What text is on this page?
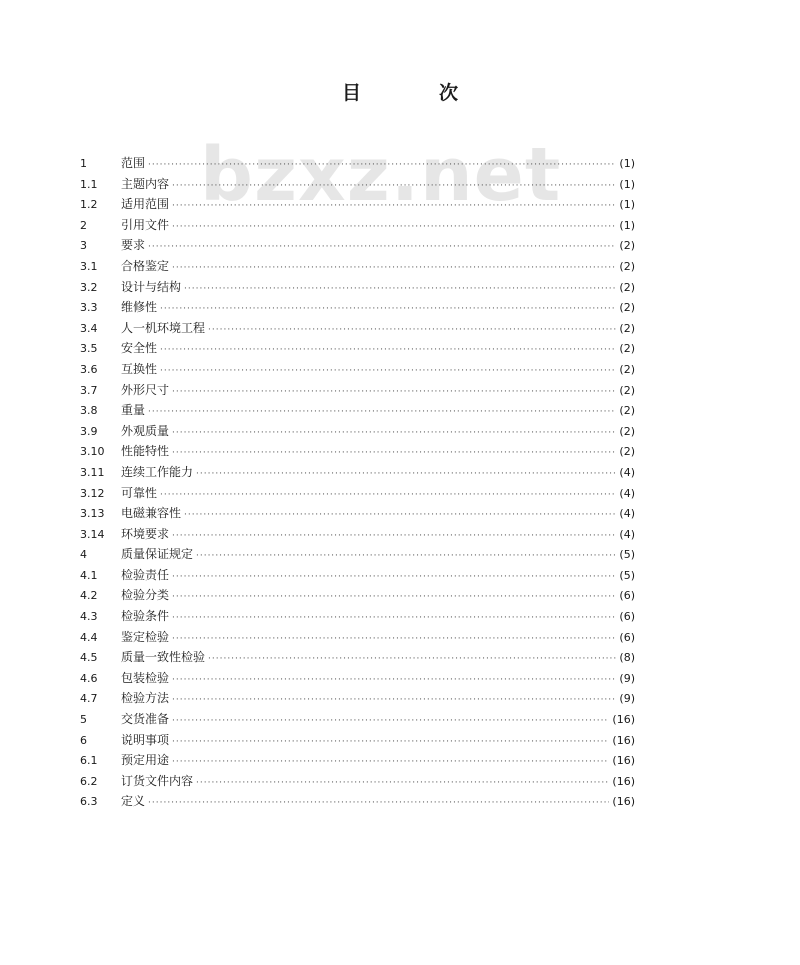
目	次
bzxz.net
1	范围 ·····	(1)
1.1	主题内容 ·····	(1)
1.2	适用范围 ·····	(1)
2	引用文件 ·····	(1)
3	要求 ·····	(2)
3.1	合格鉴定 ·····	(2)
3.2	设计与结构 ·····	(2)
3.3	维修性 ·····	(2)
3.4	人一机环境工程 ·····	(2)
3.5	安全性 ·····	(2)
3.6	互换性 ·····	(2)
3.7	外形尺寸 ·····	(2)
3.8	重量 ·····	(2)
3.9	外观质量 ·····	(2)
3.10	性能特性 ·····	(2)
3.11	连续工作能力 ·····	(4)
3.12	可靠性 ·····	(4)
3.13	电磁兼容性 ·····	(4)
3.14	环境要求 ·····	(4)
4	质量保证规定 ·····	(5)
4.1	检验责任 ·····	(5)
4.2	检验分类 ·····	(6)
4.3	检验条件 ·····	(6)
4.4	鉴定检验 ·····	(6)
4.5	质量一致性检验 ·····	(8)
4.6	包装检验 ·····	(9)
4.7	检验方法 ·····	(9)
5	交货准备 ·····	(16)
6	说明事项 ·····	(16)
6.1	预定用途 ·····	(16)
6.2	订货文件内容 ·····	(16)
6.3	定义 ·····	(16)
